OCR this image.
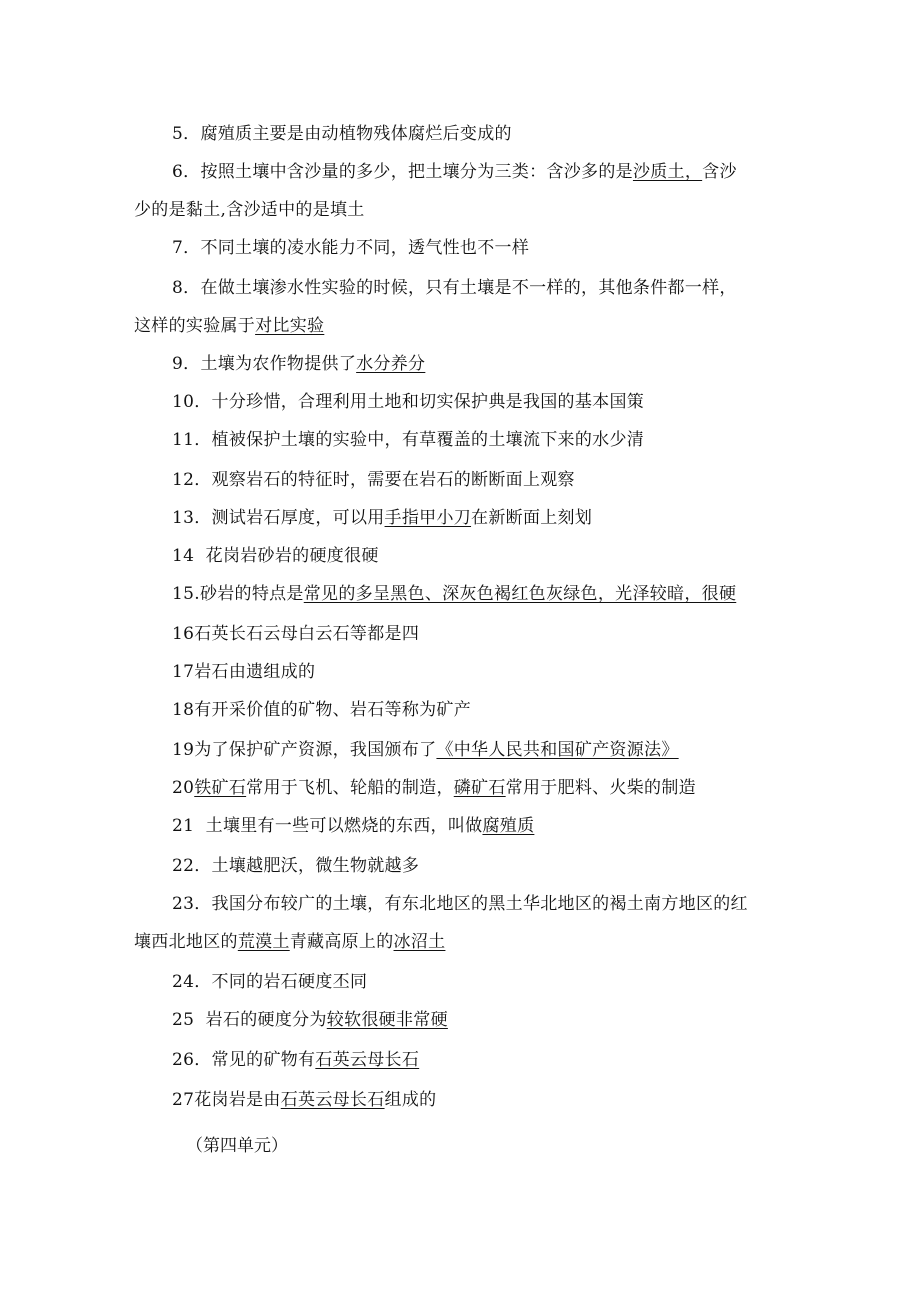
5．腐殖质主要是由动植物残体腐烂后变成的
6．按照土壤中含沙量的多少，把土壤分为三类：含沙多的是沙质土，含沙
少的是黏土,含沙适中的是填土
7．不同土壤的凌水能力不同，透气性也不一样
8．在做土壤渗水性实验的时候，只有土壤是不一样的，其他条件都一样，
这样的实验属于对比实验
9．土壤为农作物提供了水分养分
10．十分珍惜，合理利用土地和切实保护典是我国的基本国策
11．植被保护土壤的实验中，有草覆盖的土壤流下来的水少清
12．观察岩石的特征时，需要在岩石的断断面上观察
13．测试岩石厚度，可以用手指甲小刀在新断面上刻划
14 花岗岩砂岩的硬度很硬
15.砂岩的特点是常见的多呈黑色、深灰色褐红色灰绿色，光泽较暗，很硬
16石英长石云母白云石等都是四
17岩石由遗组成的
18有开采价值的矿物、岩石等称为矿产
19为了保护矿产资源，我国颁布了《中华人民共和国矿产资源法》
20铁矿石常用于飞机、轮船的制造，磷矿石常用于肥料、火柴的制造
21 土壤里有一些可以燃烧的东西，叫做腐殖质
22．土壤越肥沃，微生物就越多
23．我国分布较广的土壤，有东北地区的黑土华北地区的褐土南方地区的红
壤西北地区的荒漠土青藏高原上的冰沼土
24．不同的岩石硬度丕同
25 岩石的硬度分为较软很硬非常硬
26．常见的矿物有石英云母长石
27花岗岩是由石英云母长石组成的
（第四单元）
